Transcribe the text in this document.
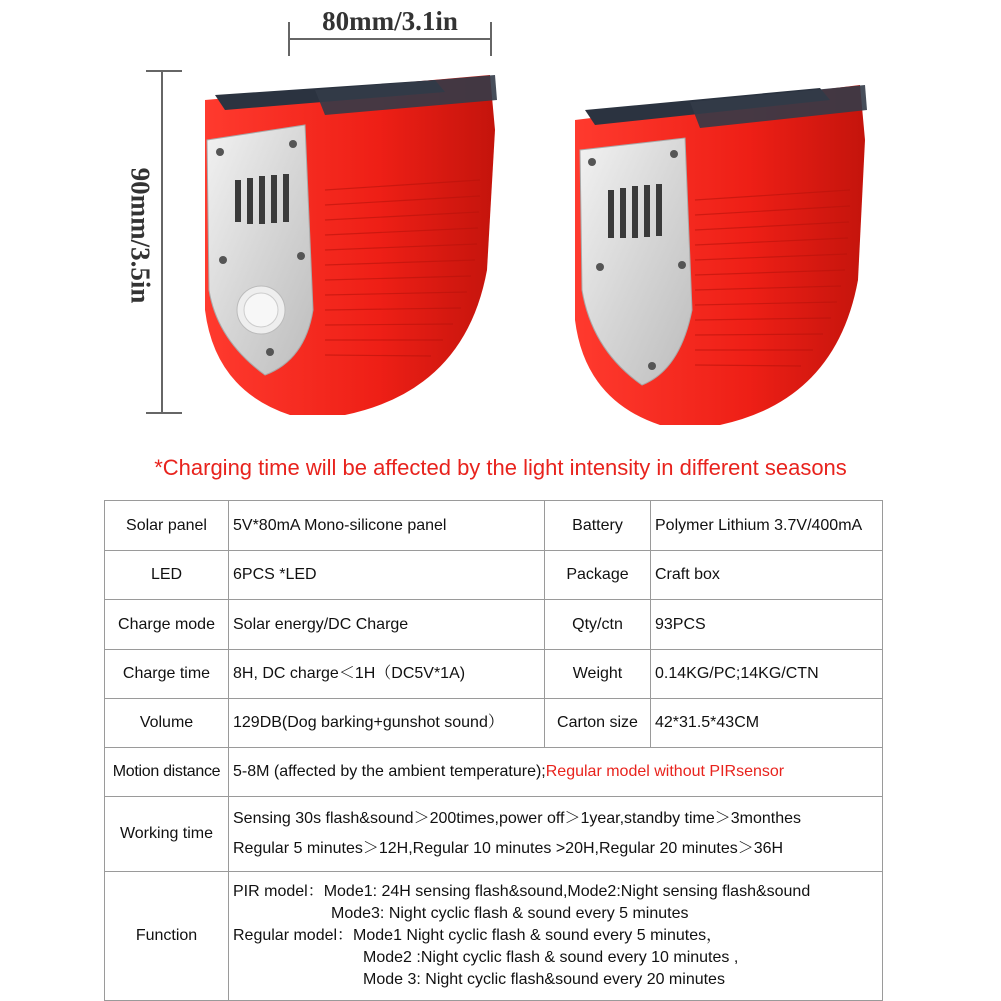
80mm/3.1in
90mm/3.5in
*Charging time will be affected by the light intensity in different seasons
Solar panel	5V*80mA Mono-silicone panel	Battery	Polymer Lithium 3.7V/400mA
LED	6PCS *LED	Package	Craft box
Charge mode	Solar energy/DC Charge	Qty/ctn	93PCS
Charge time	8H, DC charge＜1H（DC5V*1A)	Weight	0.14KG/PC;14KG/CTN
Volume	129DB(Dog barking+gunshot sound）	Carton size	42*31.5*43CM
Motion distance	5-8M (affected by the ambient temperature);Regular model without PIRsensor		
Working time	Sensing 30s flash&sound＞200times,power off＞1year,standby time＞3monthes
Regular 5 minutes＞12H,Regular 10 minutes >20H,Regular 20 minutes＞36H		

Function	PIR model：Mode1: 24H sensing flash&sound,Mode2:Night sensing flash&sound
Mode3: Night cyclic flash & sound every 5 minutes
Regular model：Mode1 Night cyclic flash & sound every 5 minutes，
Mode2 :Night cyclic flash & sound every 10 minutes ,
Mode 3: Night cyclic flash&sound every 20 minutes		
